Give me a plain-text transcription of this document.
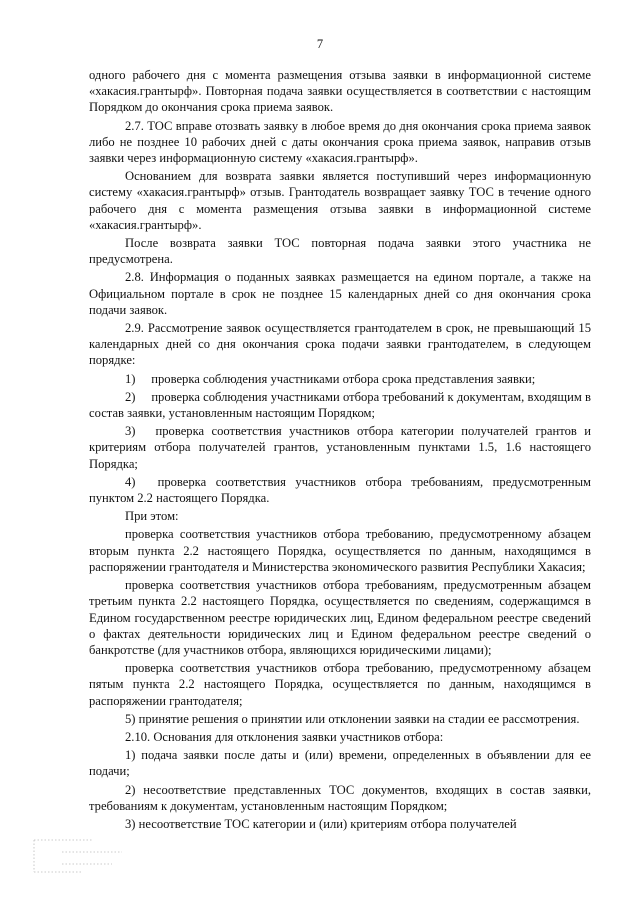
7

одного рабочего дня с момента размещения отзыва заявки в информационной системе «хакасия.грантырф». Повторная подача заявки осуществляется в соответствии с настоящим Порядком до окончания срока приема заявок.

2.7. ТОС вправе отозвать заявку в любое время до дня окончания срока приема заявок либо не позднее 10 рабочих дней с даты окончания срока приема заявок, направив отзыв заявки через информационную систему «хакасия.грантырф».

Основанием для возврата заявки является поступивший через информационную систему «хакасия.грантырф» отзыв. Грантодатель возвращает заявку ТОС в течение одного рабочего дня с момента размещения отзыва заявки в информационной системе «хакасия.грантырф».

После возврата заявки ТОС повторная подача заявки этого участника не предусмотрена.

2.8. Информация о поданных заявках размещается на едином портале, а также на Официальном портале в срок не позднее 15 календарных дней со дня окончания срока подачи заявок.

2.9. Рассмотрение заявок осуществляется грантодателем в срок, не превышающий 15 календарных дней со дня окончания срока подачи заявки грантодателем, в следующем порядке:

1)  проверка соблюдения участниками отбора срока представления заявки;

2)  проверка соблюдения участниками отбора требований к документам, входящим в состав заявки, установленным настоящим Порядком;

3)  проверка соответствия участников отбора категории получателей грантов и критериям отбора получателей грантов, установленным пунктами 1.5, 1.6 настоящего Порядка;

4)  проверка соответствия участников отбора требованиям, предусмотренным пунктом 2.2 настоящего Порядка.

При этом:

проверка соответствия участников отбора требованию, предусмотренному абзацем вторым пункта 2.2 настоящего Порядка, осуществляется по данным, находящимся в распоряжении грантодателя и Министерства экономического развития Республики Хакасия;

проверка соответствия участников отбора требованиям, предусмотренным абзацем третьим пункта 2.2 настоящего Порядка, осуществляется по сведениям, содержащимся в Едином государственном реестре юридических лиц, Едином федеральном реестре сведений о фактах деятельности юридических лиц и Едином федеральном реестре сведений о банкротстве (для участников отбора, являющихся юридическими лицами);

проверка соответствия участников отбора требованию, предусмотренному абзацем пятым пункта 2.2 настоящего Порядка, осуществляется по данным, находящимся в распоряжении грантодателя;

5) принятие решения о принятии или отклонении заявки на стадии ее рассмотрения.

2.10. Основания для отклонения заявки участников отбора:

1) подача заявки после даты и (или) времени, определенных в объявлении для ее подачи;

2) несоответствие представленных ТОС документов, входящих в состав заявки, требованиям к документам, установленным настоящим Порядком;

3) несоответствие ТОС категории и (или) критериям отбора получателей
